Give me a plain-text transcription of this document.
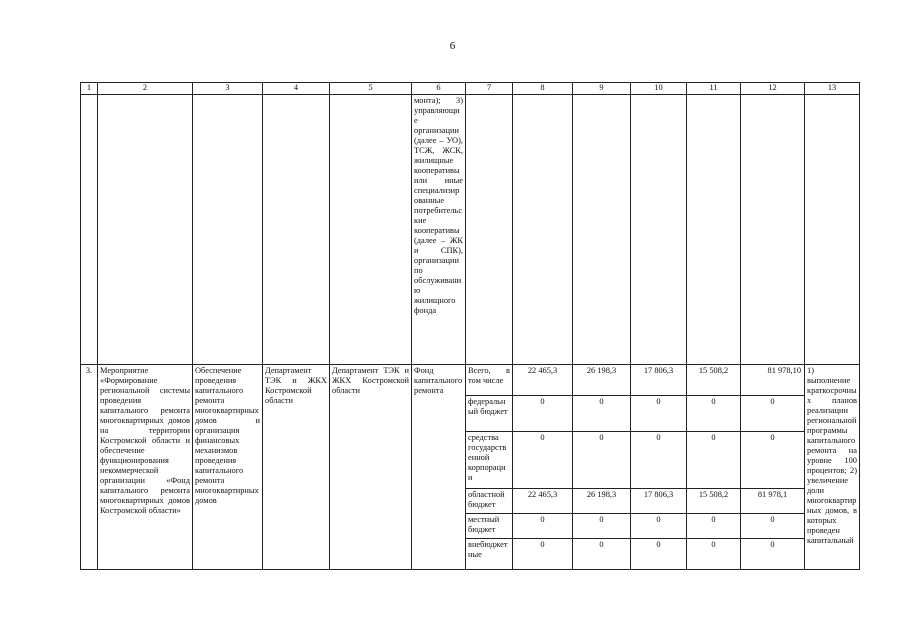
6
1	2	3	4	5	6	7	8	9	10	11	12	13
					монта); 3) управляющие организации (далее – УО), ТСЖ, ЖСК, жилищные кооперативы или иные специализированные потребительские кооперативы (далее – ЖК и СПК), организации по обслуживанию жилищного фонда							
3.	Мероприятие «Формирование региональной системы проведения капитального ремонта многоквартирных домов на территории Костромской области и обеспечение функционирования некоммерческой организации «Фонд капитального ремонта многоквартирных домов Костромской области»	Обеспечение проведения капитального ремонта многоквартирных домов и организация финансовых механизмов проведения капитального ремонта многоквартирных домов	Департамент ТЭК и ЖКХ Костромской области	Департамент ТЭК и ЖКХ Костромской области	Фонд капитального ремонта	Всего, в том числе	22 465,3	26 198,3	17 806,3	15 508,2	81 978,10	1) выполнение краткосрочных планов реализации региональной программы капитального ремонта на уровне 100 процентов; 2) увеличение доли многоквартирных домов, в которых проведен капитальный
						федеральный бюджет	0	0	0	0	0	
						средства государственной корпорации	0	0	0	0	0	
						областной бюджет	22 465,3	26 198,3	17 806,3	15 508,2	81 978,1	
						местный бюджет	0	0	0	0	0	
						внебюджетные	0	0	0	0	0	
